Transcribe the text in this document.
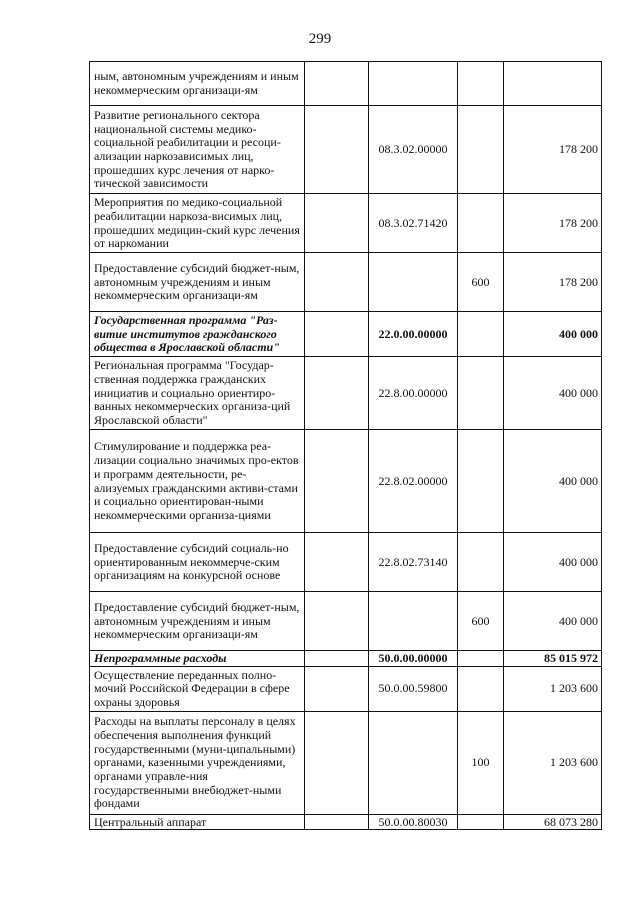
299
ным, автономным учреждениям и иным некоммерческим организаци-ям				
Развитие регионального сектора национальной системы медико-социальной реабилитации и ресоци-ализации наркозависимых лиц, прошедших курс лечения от нарко-тической зависимости		08.3.02.00000		178 200
Мероприятия по медико-социальной реабилитации наркоза-висимых лиц, прошедших медицин-ский курс лечения от наркомании		08.3.02.71420		178 200
Предоставление субсидий бюджет-ным, автономным учреждениям и иным некоммерческим организаци-ям			600	178 200
Государственная программа "Раз-витие институтов гражданского общества в Ярославской области"		22.0.00.00000		400 000
Региональная программа "Государ-ственная поддержка гражданских инициатив и социально ориентиро-ванных некоммерческих организа-ций Ярославской области"		22.8.00.00000		400 000
Стимулирование и поддержка реа-лизации социально значимых про-ектов и программ деятельности, ре-ализуемых гражданскими активи-стами и социально ориентирован-ными некоммерческими организа-циями		22.8.02.00000		400 000
Предоставление субсидий социаль-но ориентированным некоммерче-ским организациям на конкурсной основе		22.8.02.73140		400 000
Предоставление субсидий бюджет-ным, автономным учреждениям и иным некоммерческим организаци-ям			600	400 000
Непрограммные расходы		50.0.00.00000		85 015 972
Осуществление переданных полно-мочий Российской Федерации в сфере охраны здоровья		50.0.00.59800		1 203 600
Расходы на выплаты персоналу в целях обеспечения выполнения функций государственными (муни-ципальными) органами, казенными учреждениями, органами управле-ния государственными внебюджет-ными фондами			100	1 203 600
Центральный аппарат		50.0.00.80030		68 073 280
